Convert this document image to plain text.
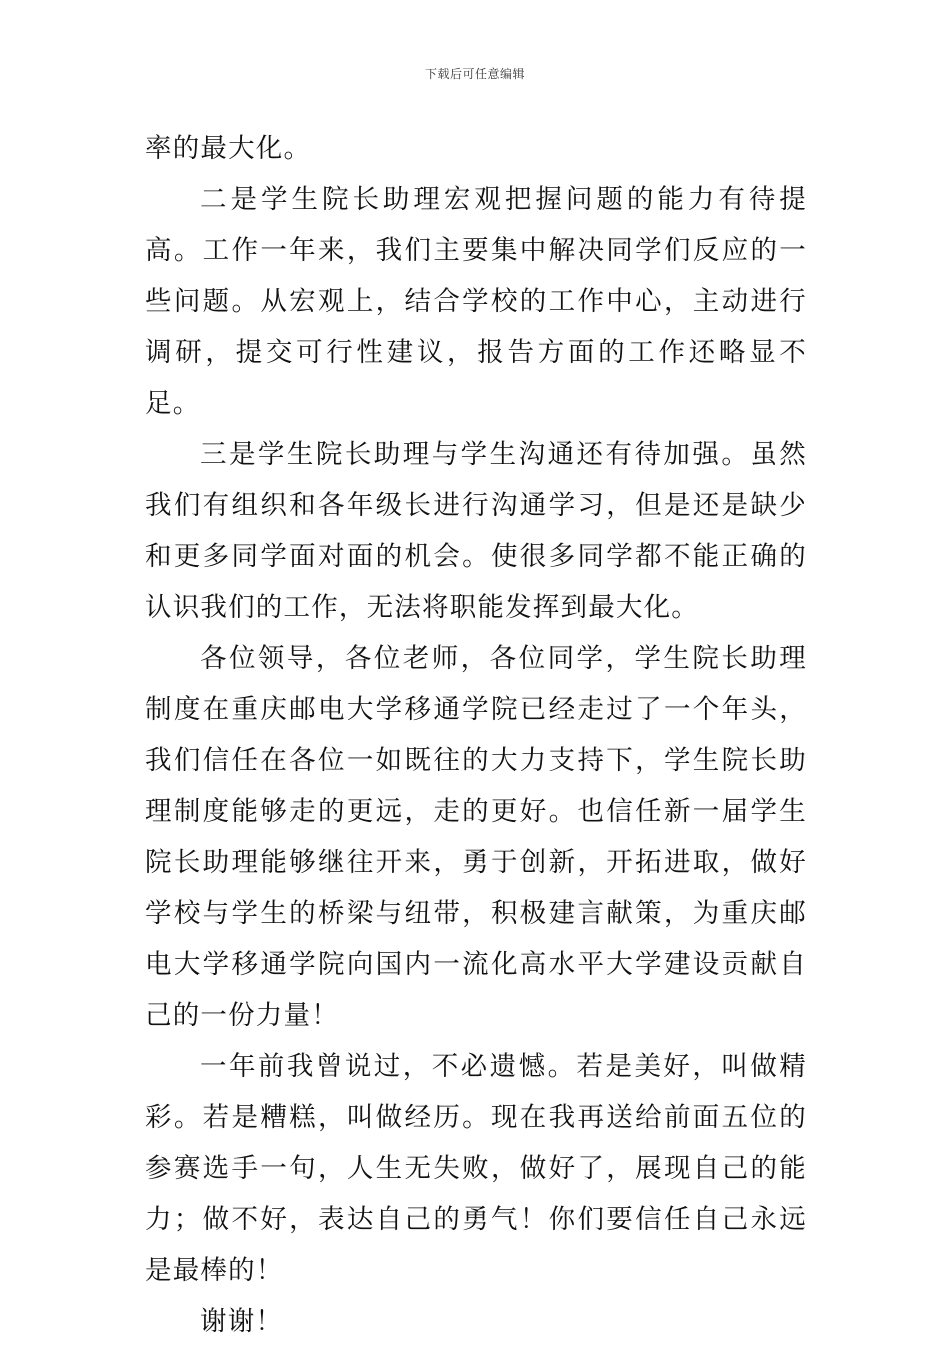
下载后可任意编辑

率的最大化。

二是学生院长助理宏观把握问题的能力有待提高。工作一年来，我们主要集中解决同学们反应的一些问题。从宏观上，结合学校的工作中心，主动进行调研，提交可行性建议，报告方面的工作还略显不足。

三是学生院长助理与学生沟通还有待加强。虽然我们有组织和各年级长进行沟通学习，但是还是缺少和更多同学面对面的机会。使很多同学都不能正确的认识我们的工作，无法将职能发挥到最大化。

各位领导，各位老师，各位同学，学生院长助理制度在重庆邮电大学移通学院已经走过了一个年头，我们信任在各位一如既往的大力支持下，学生院长助理制度能够走的更远，走的更好。也信任新一届学生院长助理能够继往开来，勇于创新，开拓进取，做好学校与学生的桥梁与纽带，积极建言献策，为重庆邮电大学移通学院向国内一流化高水平大学建设贡献自己的一份力量！

一年前我曾说过，不必遗憾。若是美好，叫做精彩。若是糟糕，叫做经历。现在我再送给前面五位的参赛选手一句，人生无失败，做好了，展现自己的能力；做不好，表达自己的勇气！你们要信任自己永远是最棒的！

谢谢！
